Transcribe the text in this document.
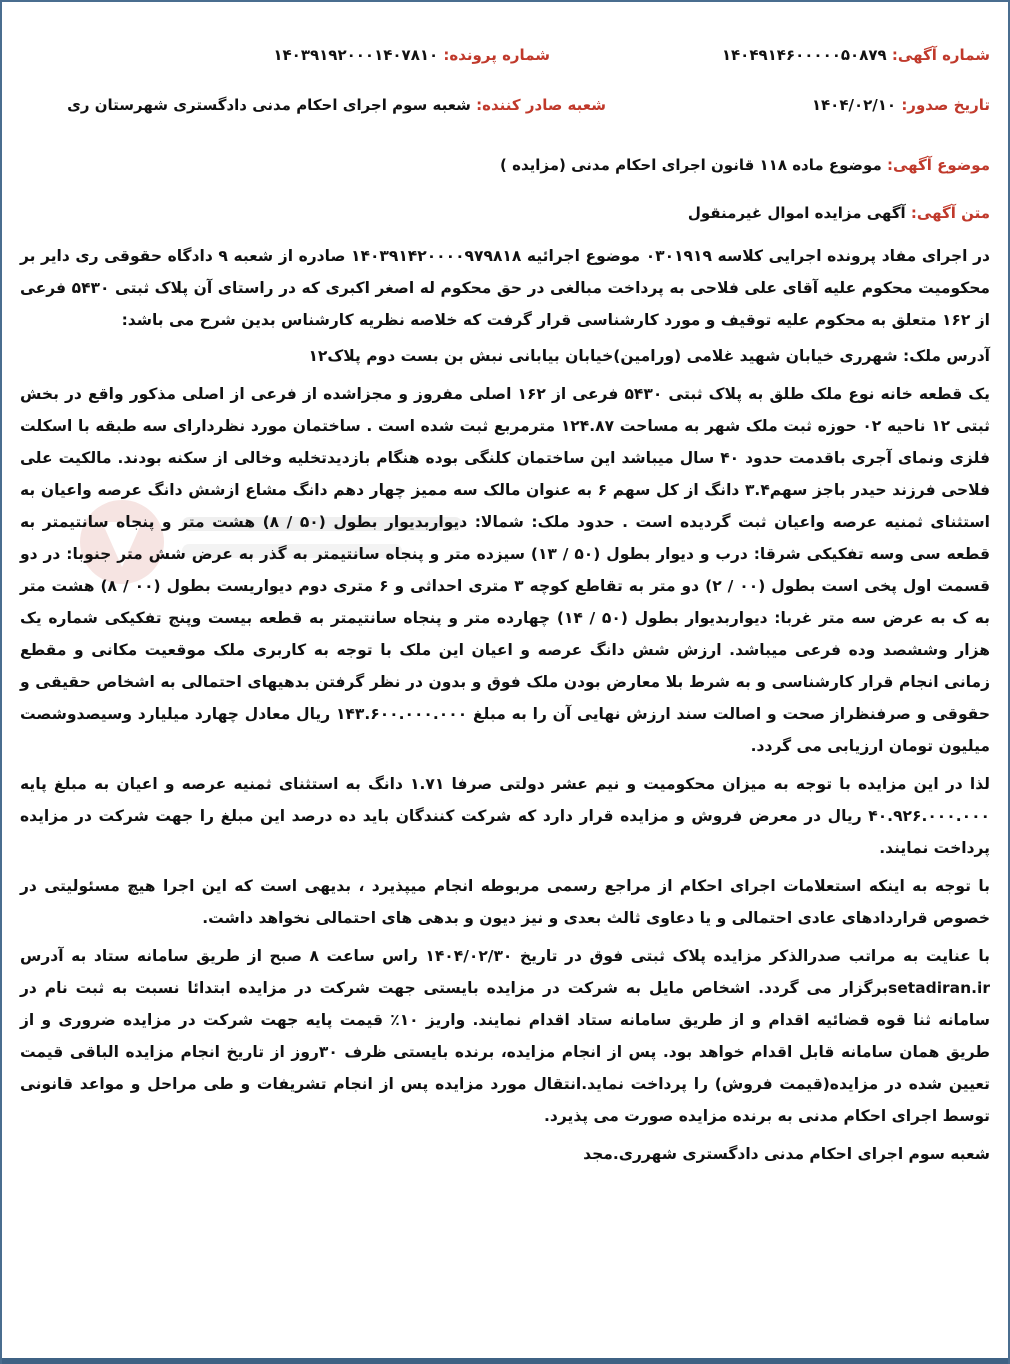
شماره آگهی: ۱۴۰۴۹۱۴۶۰۰۰۰۰۵۰۸۷۹
شماره پرونده: ۱۴۰۳۹۱۹۲۰۰۰۱۴۰۷۸۱۰
تاریخ صدور: ۱۴۰۴/۰۲/۱۰
شعبه صادر کننده: شعبه سوم اجرای احکام مدنی دادگستری شهرستان ری
موضوع آگهی: موضوع ماده ۱۱۸ قانون اجرای احکام مدنی (مزایده )
متن آگهی: آگهی مزایده اموال غیرمنقول

در اجرای مفاد پرونده اجرایی کلاسه ۰۳۰۱۹۱۹ موضوع اجرائیه ۱۴۰۳۹۱۴۲۰۰۰۰۹۷۹۸۱۸ صادره از شعبه ۹ دادگاه حقوقی ری دایر بر محکومیت محکوم علیه آقای علی فلاحی به پرداخت مبالغی در حق محکوم له اصغر اکبری که در راستای آن پلاک ثبتی ۵۴۳۰ فرعی از ۱۶۲ متعلق به محکوم علیه توقیف و مورد کارشناسی قرار گرفت که خلاصه نظریه کارشناس بدین شرح می باشد:

آدرس ملک: شهرری خیابان شهید غلامی (ورامین)خیابان بیابانی نبش بن بست دوم پلاک۱۲

یک قطعه خانه نوع ملک طلق به پلاک ثبتی ۵۴۳۰ فرعی از ۱۶۲ اصلی مفروز و مجزاشده از فرعی از اصلی مذکور واقع در بخش ثبتی ۱۲ ناحیه ۰۲ حوزه ثبت ملک شهر به مساحت ۱۲۴.۸۷ مترمربع ثبت شده است . ساختمان مورد نظردارای سه طبقه با اسکلت فلزی ونمای آجری باقدمت حدود ۴۰ سال میباشد این ساختمان کلنگی بوده هنگام بازدیدتخلیه وخالی از سکنه بودند. مالکیت علی فلاحی فرزند حیدر باجز سهم۳.۴ دانگ از کل سهم ۶ به عنوان مالک سه ممیز چهار دهم دانگ مشاع ازشش دانگ عرصه واعیان به استثنای ثمنیه عرصه واعیان ثبت گردیده است . حدود ملک: شمالا: دیواربدیوار بطول (۵۰ / ۸) هشت متر و پنجاه سانتیمتر به قطعه سی وسه تفکیکی شرقا: درب و دیوار بطول (۵۰ / ۱۳) سیزده متر و پنجاه سانتیمتر به گذر به عرض شش متر جنوبا: در دو قسمت اول پخی است بطول (۰۰ / ۲) دو متر به تقاطع کوچه ۳ متری احداثی و ۶ متری دوم دیواریست بطول (۰۰ / ۸) هشت متر به ک به عرض سه متر غربا: دیواربدیوار بطول (۵۰ / ۱۴) چهارده متر و پنجاه سانتیمتر به قطعه بیست وپنج تفکیکی شماره یک هزار وششصد وده فرعی میباشد. ارزش شش دانگ عرصه و اعیان این ملک با توجه به کاربری ملک موقعیت مکانی و مقطع زمانی انجام قرار کارشناسی و به شرط بلا معارض بودن ملک فوق و بدون در نظر گرفتن بدهیهای احتمالی به اشخاص حقیقی و حقوقی و صرفنظراز صحت و اصالت سند ارزش نهایی آن را به مبلغ ۱۴۳.۶۰۰.۰۰۰.۰۰۰ ریال معادل چهارد میلیارد وسیصدوشصت میلیون تومان ارزیابی می گردد.

لذا در این مزایده با توجه به میزان محکومیت و نیم عشر دولتی صرفا ۱.۷۱ دانگ به استثنای ثمنیه عرصه و اعیان به مبلغ پایه ۴۰.۹۲۶.۰۰۰.۰۰۰ ریال در معرض فروش و مزایده قرار دارد که شرکت کنندگان باید ده درصد این مبلغ را جهت شرکت در مزایده پرداخت نمایند.

با توجه به اینکه استعلامات اجرای احکام از مراجع رسمی مربوطه انجام میپذیرد ، بدیهی است که این اجرا هیچ مسئولیتی در خصوص قراردادهای عادی احتمالی و یا دعاوی ثالث بعدی و نیز دیون و بدهی های احتمالی نخواهد داشت.

با عنایت به مراتب صدرالذکر مزایده پلاک ثبتی فوق در تاریخ ۱۴۰۴/۰۲/۳۰ راس ساعت ۸ صبح از طریق سامانه ستاد به آدرس setadiran.irبرگزار می گردد. اشخاص مایل به شرکت در مزایده بایستی جهت شرکت در مزایده ابتدائا نسبت به ثبت نام در سامانه ثنا قوه قضائیه اقدام و از طریق سامانه ستاد اقدام نمایند. واریز ۱۰٪ قیمت پایه جهت شرکت در مزایده ضروری و از طریق همان سامانه قابل اقدام خواهد بود. پس از انجام مزایده، برنده بایستی ظرف ۳۰روز از تاریخ انجام مزایده الباقی قیمت تعیین شده در مزایده(قیمت فروش) را پرداخت نماید.انتقال مورد مزایده پس از انجام تشریفات و طی مراحل و مواعد قانونی توسط اجرای احکام مدنی به برنده مزایده صورت می پذیرد.

شعبه سوم اجرای احکام مدنی دادگستری شهرری.مجد
